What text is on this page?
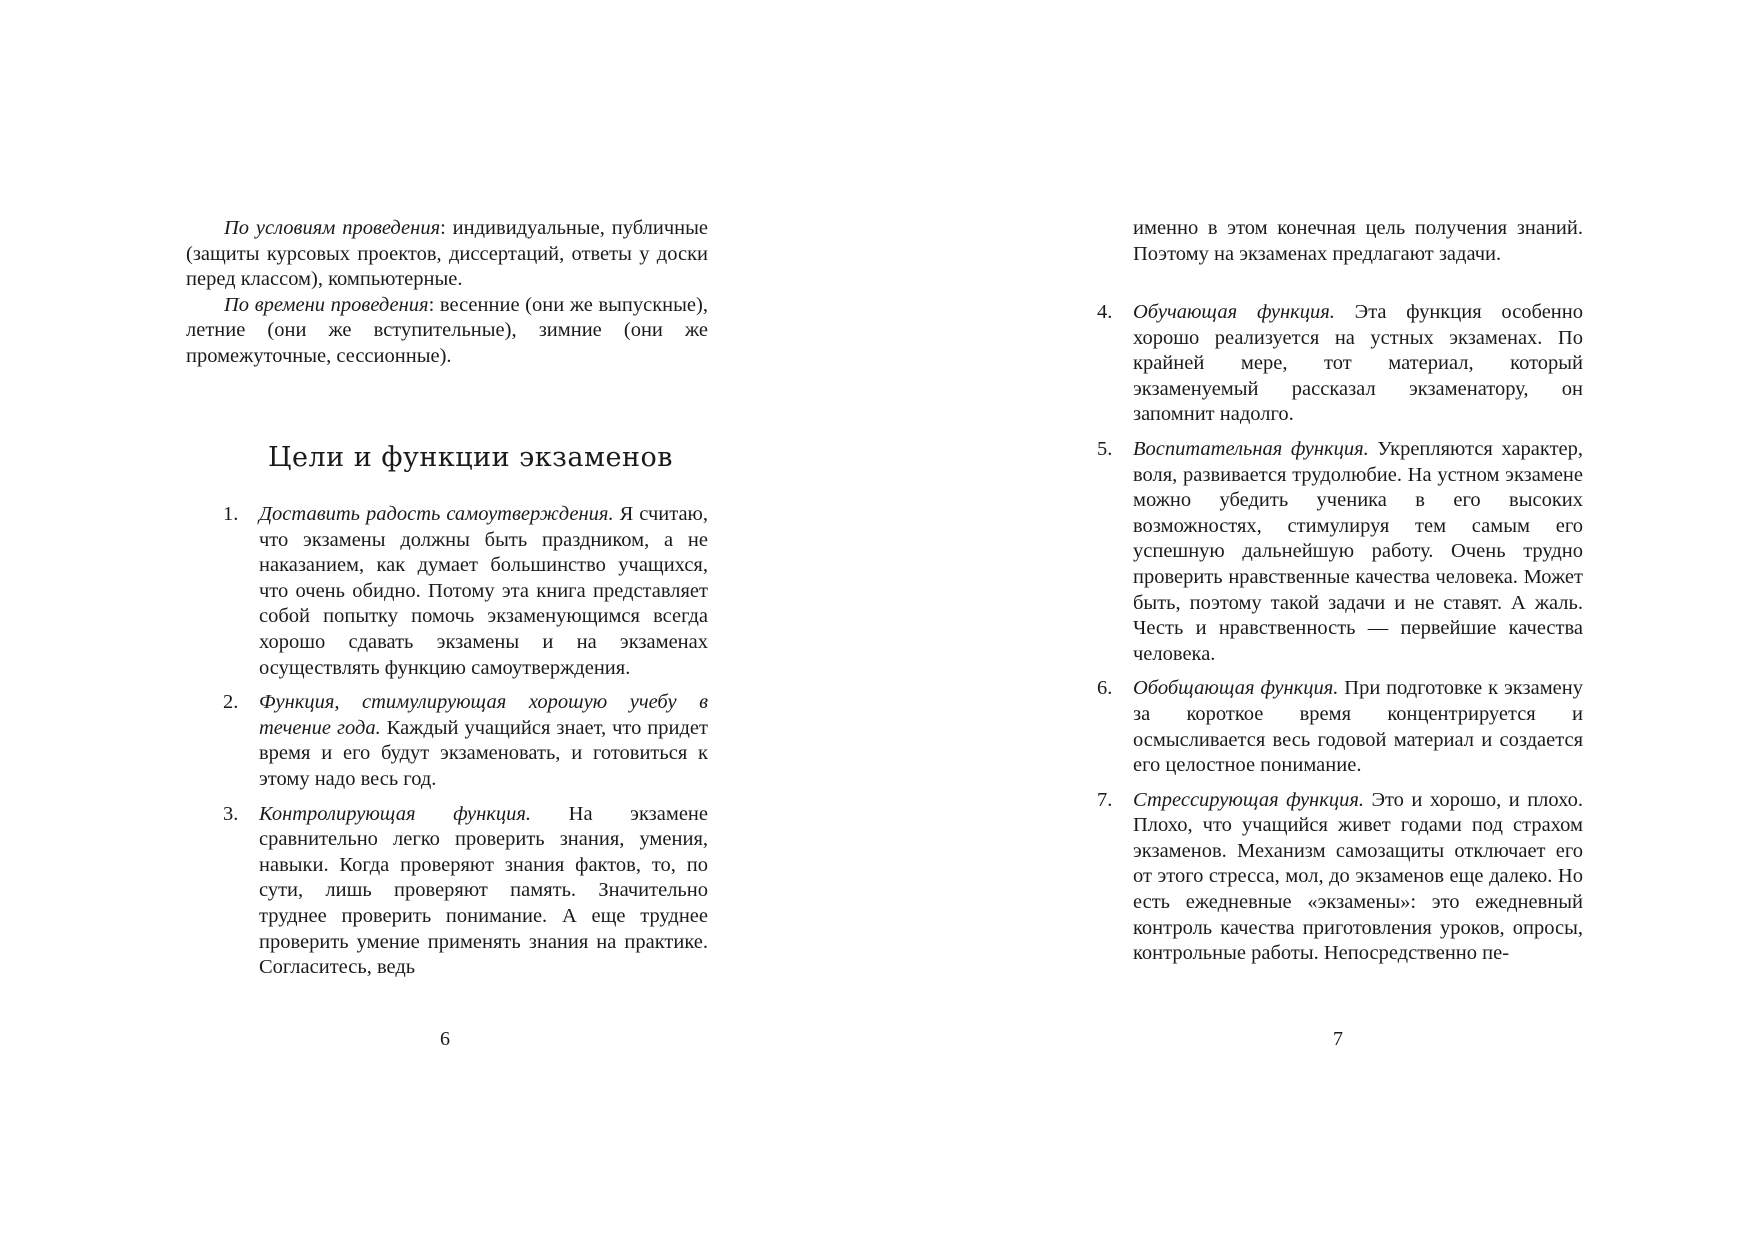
По условиям проведения: индивидуальные, публичные (защиты курсовых проектов, диссертаций, ответы у доски перед классом), компьютерные.

По времени проведения: весенние (они же выпускные), летние (они же вступительные), зимние (они же промежуточные, сессионные).

Цели и функции экзаменов
1.	Доставить радость самоутверждения. Я считаю, что экзамены должны быть праздником, а не наказанием, как думает большинство учащихся, что очень обидно. Потому эта книга представляет собой попытку помочь экзаменующимся всегда хорошо сдавать экзамены и на экзаменах осуществлять функцию самоутверждения.
2.	Функция, стимулирующая хорошую учебу в течение года. Каждый учащийся знает, что придет время и его будут экзаменовать, и готовиться к этому надо весь год.
3.	Контролирующая функция. На экзамене сравнительно легко проверить знания, умения, навыки. Когда проверяют знания фактов, то, по сути, лишь проверяют память. Значительно труднее проверить понимание. А еще труднее проверить умение применять знания на практике. Согласитесь, ведь
6

именно в этом конечная цель получения знаний. Поэтому на экзаменах предлагают задачи.

4.	Обучающая функция. Эта функция особенно хорошо реализуется на устных экзаменах. По крайней мере, тот материал, который экзаменуемый рассказал экзаменатору, он запомнит надолго.
5.	Воспитательная функция. Укрепляются характер, воля, развивается трудолюбие. На устном экзамене можно убедить ученика в его высоких возможностях, стимулируя тем самым его успешную дальнейшую работу. Очень трудно проверить нравственные качества человека. Может быть, поэтому такой задачи и не ставят. А жаль. Честь и нравственность — первейшие качества человека.
6.	Обобщающая функция. При подготовке к экзамену за короткое время концентрируется и осмысливается весь годовой материал и создается его целостное понимание.
7.	Стрессирующая функция. Это и хорошо, и плохо. Плохо, что учащийся живет годами под страхом экзаменов. Механизм самозащиты отключает его от этого стресса, мол, до экзаменов еще далеко. Но есть ежедневные «экзамены»: это ежедневный контроль качества приготовления уроков, опросы, контрольные работы. Непосредственно пе-
7
